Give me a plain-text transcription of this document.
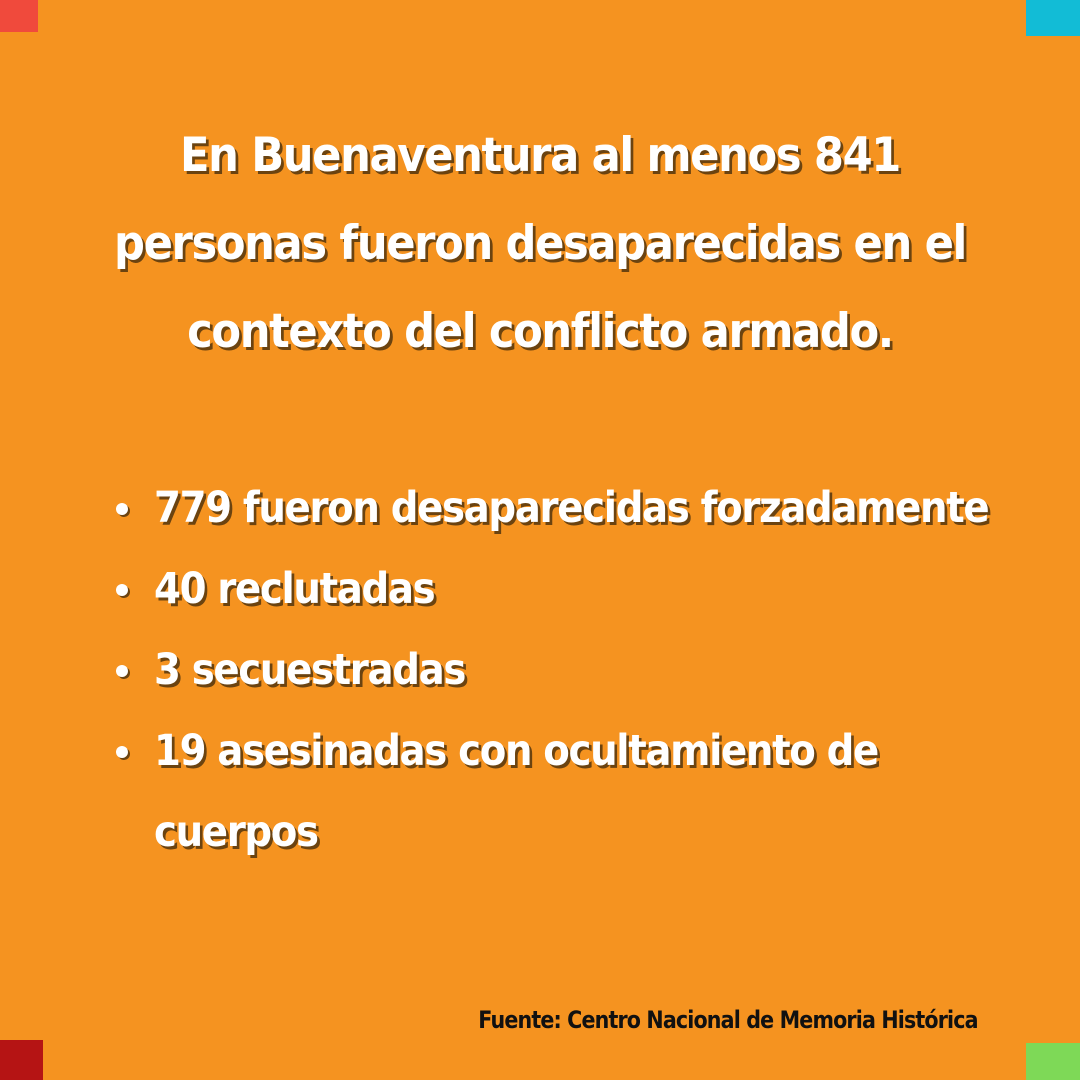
En Buenaventura al menos 841 personas fueron desaparecidas en el contexto del conflicto armado.
779 fueron desaparecidas forzadamente
40 reclutadas
3 secuestradas
19 asesinadas con ocultamiento de cuerpos

Fuente: Centro Nacional de Memoria Histórica
